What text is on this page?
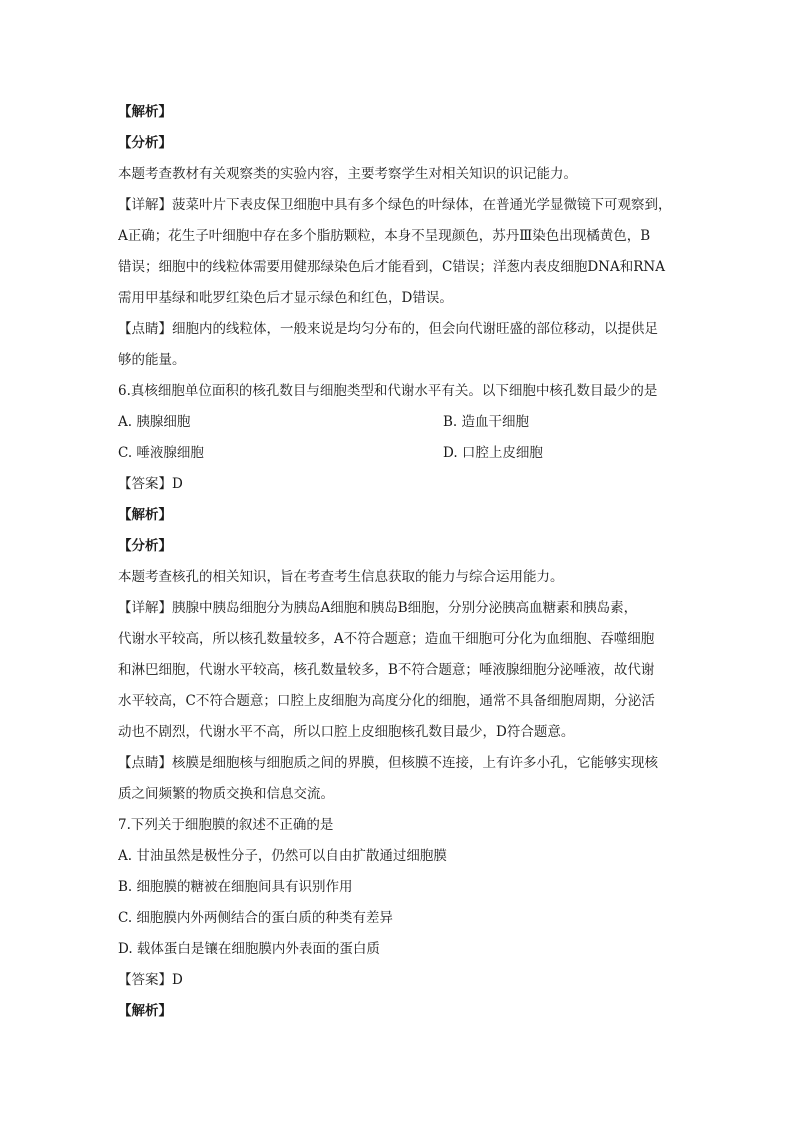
【解析】
【分析】
本题考查教材有关观察类的实验内容，主要考察学生对相关知识的识记能力。
【详解】菠菜叶片下表皮保卫细胞中具有多个绿色的叶绿体，在普通光学显微镜下可观察到，
A正确；花生子叶细胞中存在多个脂肪颗粒，本身不呈现颜色，苏丹Ⅲ染色出现橘黄色，B
错误；细胞中的线粒体需要用健那绿染色后才能看到，C错误；洋葱内表皮细胞DNA和RNA
需用甲基绿和吡罗红染色后才显示绿色和红色，D错误。
【点睛】细胞内的线粒体，一般来说是均匀分布的，但会向代谢旺盛的部位移动，以提供足
够的能量。
6.真核细胞单位面积的核孔数目与细胞类型和代谢水平有关。以下细胞中核孔数目最少的是
A. 胰腺细胞	B. 造血干细胞
C. 唾液腺细胞	D. 口腔上皮细胞
【答案】D
【解析】
【分析】
本题考查核孔的相关知识，旨在考查考生信息获取的能力与综合运用能力。
【详解】胰腺中胰岛细胞分为胰岛A细胞和胰岛B细胞，分别分泌胰高血糖素和胰岛素，
代谢水平较高，所以核孔数量较多，A不符合题意；造血干细胞可分化为血细胞、吞噬细胞
和淋巴细胞，代谢水平较高，核孔数量较多，B不符合题意；唾液腺细胞分泌唾液，故代谢
水平较高，C不符合题意；口腔上皮细胞为高度分化的细胞，通常不具备细胞周期，分泌活
动也不剧烈，代谢水平不高，所以口腔上皮细胞核孔数目最少，D符合题意。
【点睛】核膜是细胞核与细胞质之间的界膜，但核膜不连接，上有许多小孔，它能够实现核
质之间频繁的物质交换和信息交流。
7.下列关于细胞膜的叙述不正确的是
A. 甘油虽然是极性分子，仍然可以自由扩散通过细胞膜
B. 细胞膜的糖被在细胞间具有识别作用
C. 细胞膜内外两侧结合的蛋白质的种类有差异
D. 载体蛋白是镶在细胞膜内外表面的蛋白质
【答案】D
【解析】
